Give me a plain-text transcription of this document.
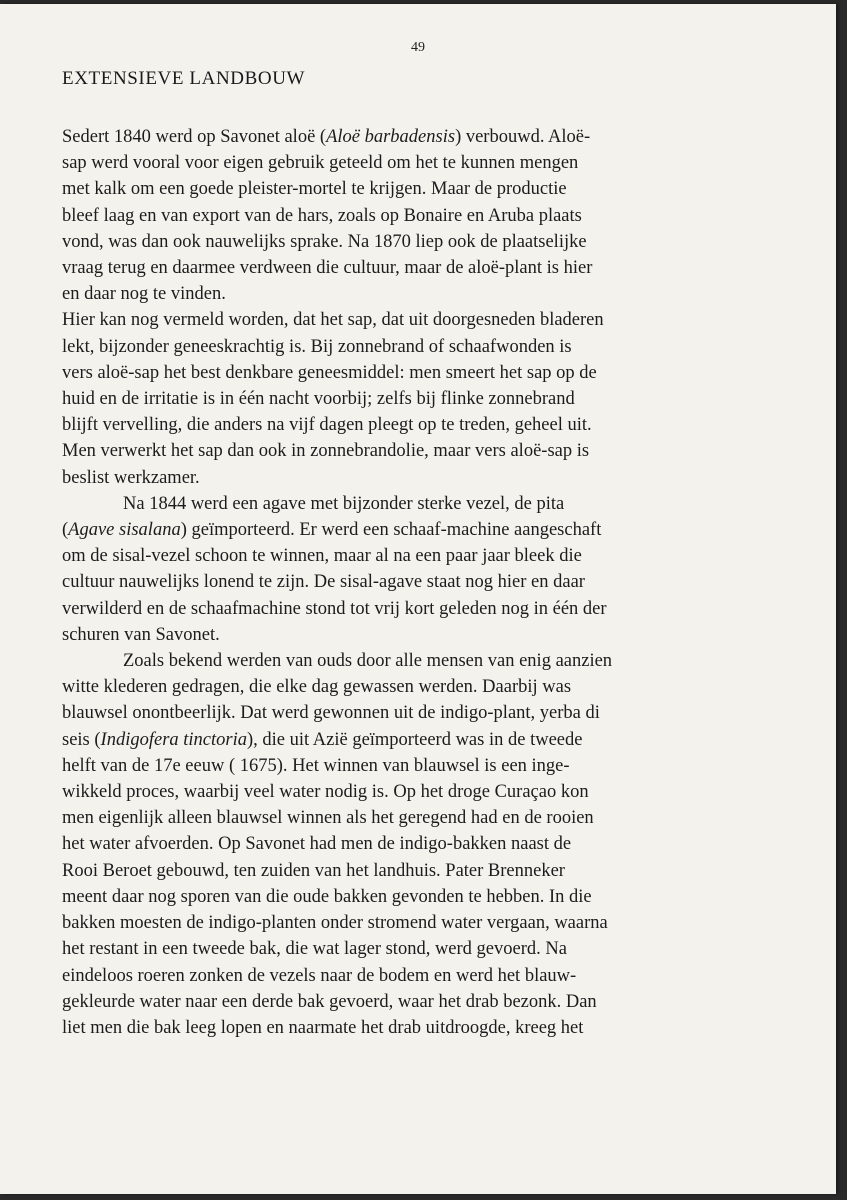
49
EXTENSIEVE LANDBOUW
Sedert 1840 werd op Savonet aloë (Aloë barbadensis) verbouwd. Aloë-
sap werd vooral voor eigen gebruik geteeld om het te kunnen mengen
met kalk om een goede pleister-mortel te krijgen. Maar de productie
bleef laag en van export van de hars, zoals op Bonaire en Aruba plaats
vond, was dan ook nauwelijks sprake. Na 1870 liep ook de plaatselijke
vraag terug en daarmee verdween die cultuur, maar de aloë-plant is hier
en daar nog te vinden.
Hier kan nog vermeld worden, dat het sap, dat uit doorgesneden bladeren
lekt, bijzonder geneeskrachtig is. Bij zonnebrand of schaafwonden is
vers aloë-sap het best denkbare geneesmiddel: men smeert het sap op de
huid en de irritatie is in één nacht voorbij; zelfs bij flinke zonnebrand
blijft vervelling, die anders na vijf dagen pleegt op te treden, geheel uit.
Men verwerkt het sap dan ook in zonnebrandolie, maar vers aloë-sap is
beslist werkzamer.
Na 1844 werd een agave met bijzonder sterke vezel, de pita
(Agave sisalana) geïmporteerd. Er werd een schaaf-machine aangeschaft
om de sisal-vezel schoon te winnen, maar al na een paar jaar bleek die
cultuur nauwelijks lonend te zijn. De sisal-agave staat nog hier en daar
verwilderd en de schaafmachine stond tot vrij kort geleden nog in één der
schuren van Savonet.
Zoals bekend werden van ouds door alle mensen van enig aanzien
witte klederen gedragen, die elke dag gewassen werden. Daarbij was
blauwsel onontbeerlijk. Dat werd gewonnen uit de indigo-plant, yerba di
seis (Indigofera tinctoria), die uit Azië geïmporteerd was in de tweede
helft van de 17e eeuw ( 1675). Het winnen van blauwsel is een inge-
wikkeld proces, waarbij veel water nodig is. Op het droge Curaçao kon
men eigenlijk alleen blauwsel winnen als het geregend had en de rooien
het water afvoerden. Op Savonet had men de indigo-bakken naast de
Rooi Beroet gebouwd, ten zuiden van het landhuis. Pater Brenneker
meent daar nog sporen van die oude bakken gevonden te hebben. In die
bakken moesten de indigo-planten onder stromend water vergaan, waarna
het restant in een tweede bak, die wat lager stond, werd gevoerd. Na
eindeloos roeren zonken de vezels naar de bodem en werd het blauw-
gekleurde water naar een derde bak gevoerd, waar het drab bezonk. Dan
liet men die bak leeg lopen en naarmate het drab uitdroogde, kreeg het
